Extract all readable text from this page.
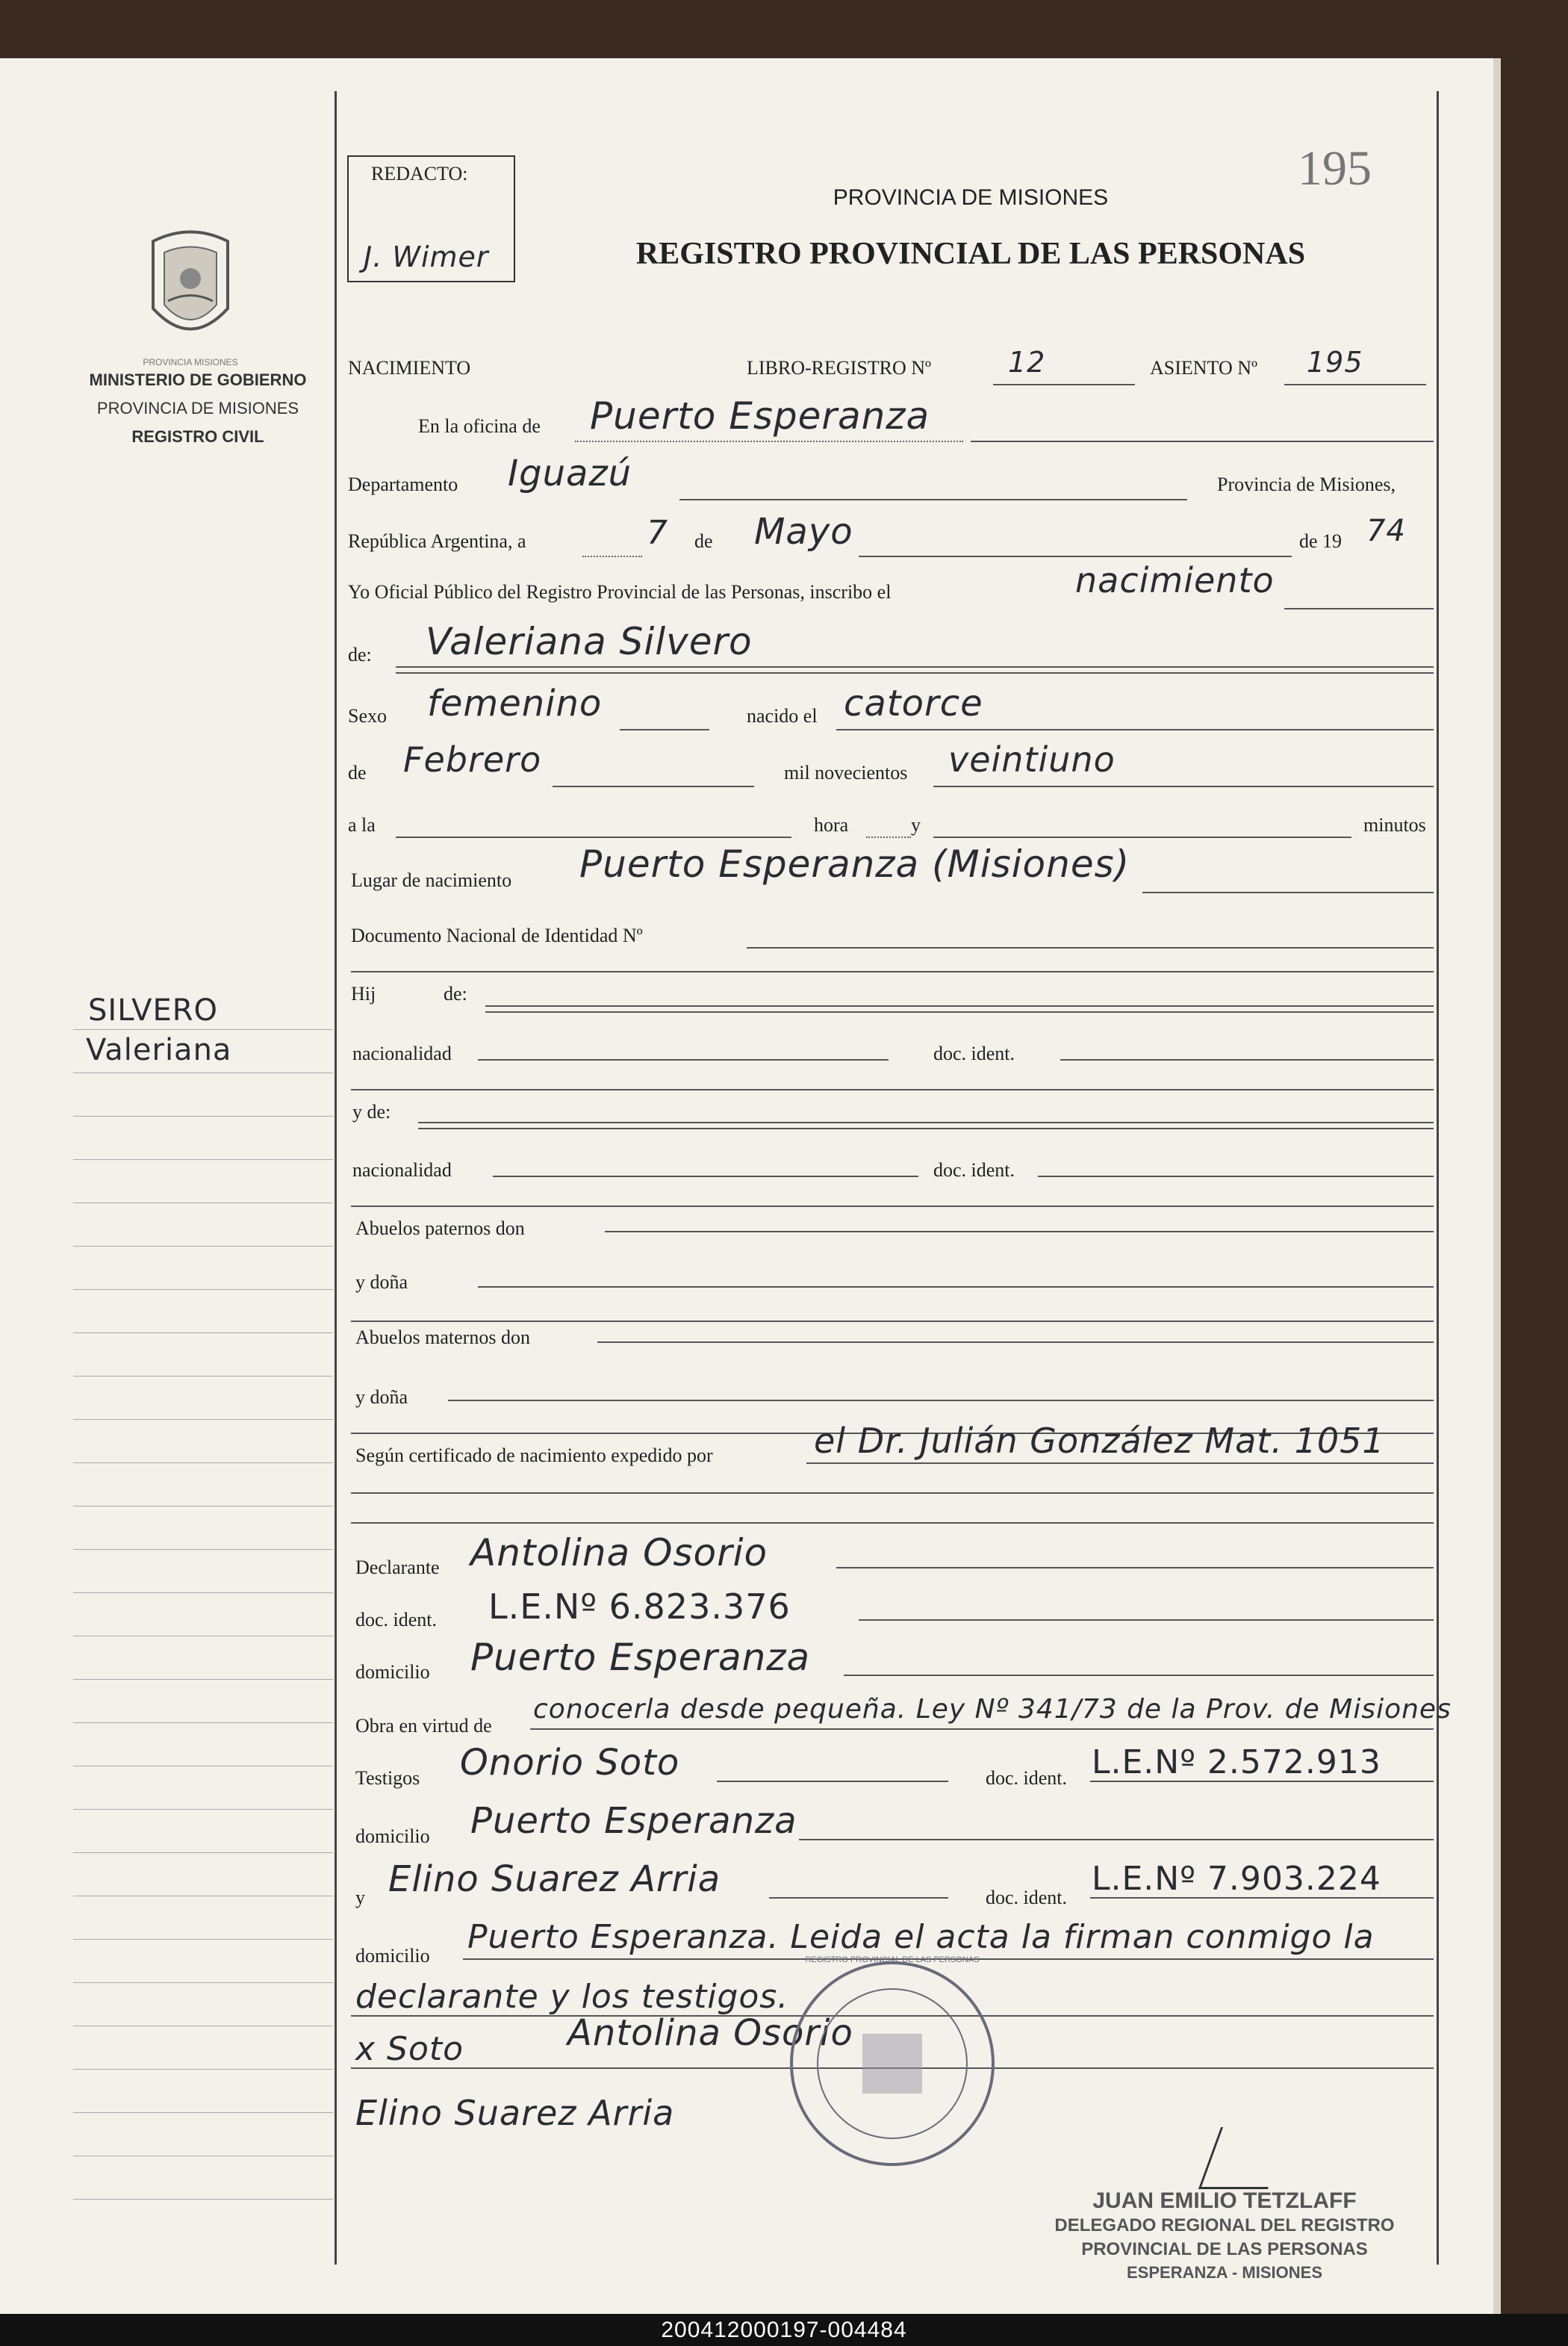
PROVINCIA MISIONES
MINISTERIO DE GOBIERNO
PROVINCIA DE MISIONES
REGISTRO CIVIL
SILVERO
Valeriana
REDACTO:
J. Wimer
195
PROVINCIA DE MISIONES
REGISTRO PROVINCIAL DE LAS PERSONAS
NACIMIENTO	LIBRO-REGISTRO Nº	12	ASIENTO Nº 195
En la oficina de Puerto Esperanza
Departamento Iguazú	Provincia de Misiones,
República Argentina, a	7 de Mayo	de 19 74
Yo Oficial Público del Registro Provincial de las Personas, inscribo el	nacimiento
de: Valeriana Silvero
Sexo femenino	nacido el catorce
de Febrero	mil novecientos veintiuno
a la	hora	y	minutos
Lugar de nacimiento Puerto Esperanza (Misiones)
Documento Nacional de Identidad Nº
Hij	de:
nacionalidad	doc. ident.
y de:
nacionalidad	doc. ident.
Abuelos paternos don
y doña
Abuelos maternos don
y doña
Según certificado de nacimiento expedido por	el Dr. Julián González Mat. 1051
Declarante Antolina Osorio
doc. ident. L.E.Nº 6.823.376
domicilio Puerto Esperanza
Obra en virtud de
conocerla desde pequeña. Ley Nº 341/73 de la Prov. de Misiones
Testigos Onorio Soto	doc. ident. L.E.Nº 2.572.913
domicilio Puerto Esperanza
y Elino Suarez Arria	doc. ident. L.E.Nº 7.903.224
domicilio Puerto Esperanza. Leida el acta la firman conmigo la
declarante y los testigos.
x Soto	Antolina Osorio
Elino Suarez Arria
REGISTRO PROVINCIAL DE LAS PERSONAS
JUAN EMILIO TETZLAFF
DELEGADO REGIONAL DEL REGISTRO
PROVINCIAL DE LAS PERSONAS
ESPERANZA - MISIONES
200412000197-004484
